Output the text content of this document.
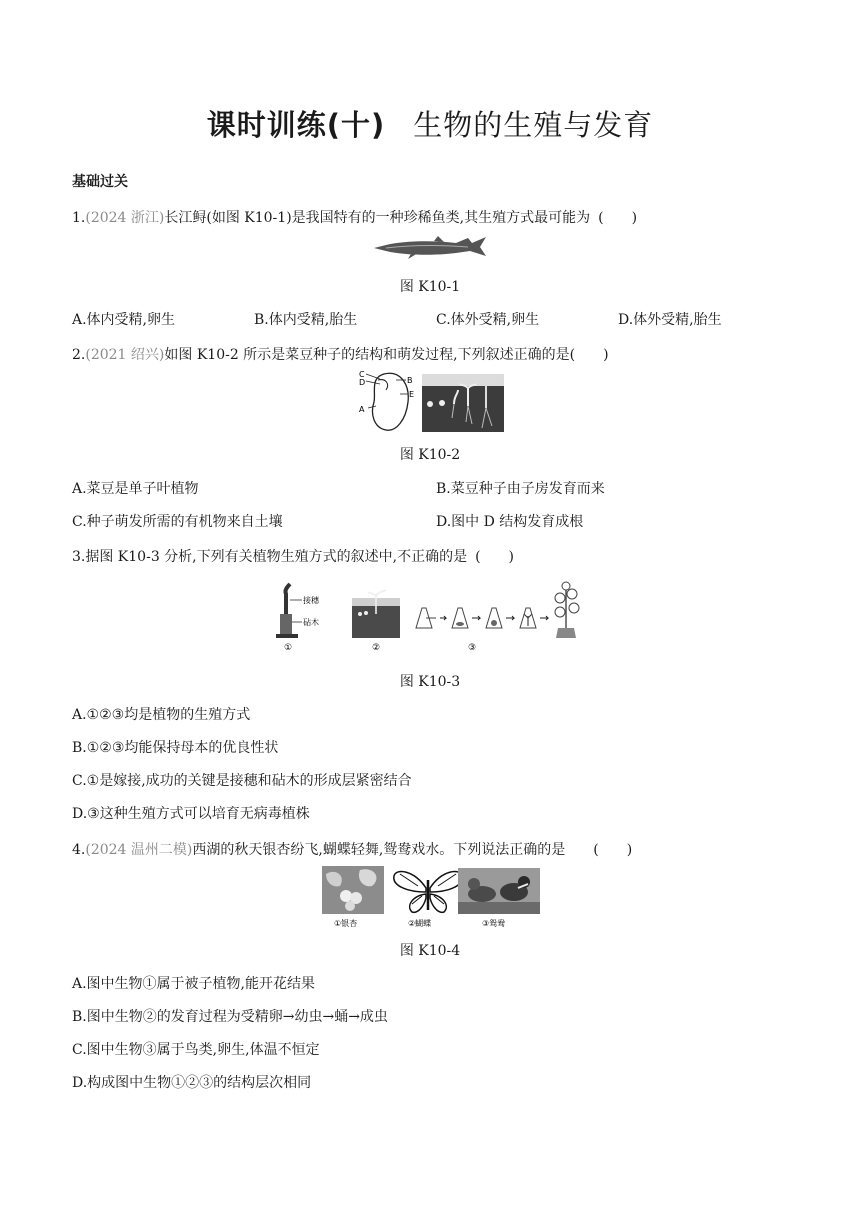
课时训练(十) 生物的生殖与发育
基础过关
1.(2024 浙江)长江鲟(如图 K10-1)是我国特有的一种珍稀鱼类,其生殖方式最可能为 (　　)
图 K10-1
A.体内受精,卵生	B.体内受精,胎生	C.体外受精,卵生	D.体外受精,胎生
2.(2021 绍兴)如图 K10-2 所示是菜豆种子的结构和萌发过程,下列叙述正确的是(　　)
C
D
A
B
E
图 K10-2
A.菜豆是单子叶植物	B.菜豆种子由子房发育而来
C.种子萌发所需的有机物来自土壤	D.图中 D 结构发育成根
3.据图 K10-3 分析,下列有关植物生殖方式的叙述中,不正确的是 (　　)
接穗
砧木
①	②	③
图 K10-3
A.①②③均是植物的生殖方式
B.①②③均能保持母本的优良性状
C.①是嫁接,成功的关键是接穗和砧木的形成层紧密结合
D.③这种生殖方式可以培育无病毒植株
4.(2024 温州二模)西湖的秋天银杏纷飞,蝴蝶轻舞,鸳鸯戏水。下列说法正确的是 (　　)
①银杏	②蝴蝶	③鸳鸯
图 K10-4
A.图中生物①属于被子植物,能开花结果
B.图中生物②的发育过程为受精卵→幼虫→蛹→成虫
C.图中生物③属于鸟类,卵生,体温不恒定
D.构成图中生物①②③的结构层次相同
